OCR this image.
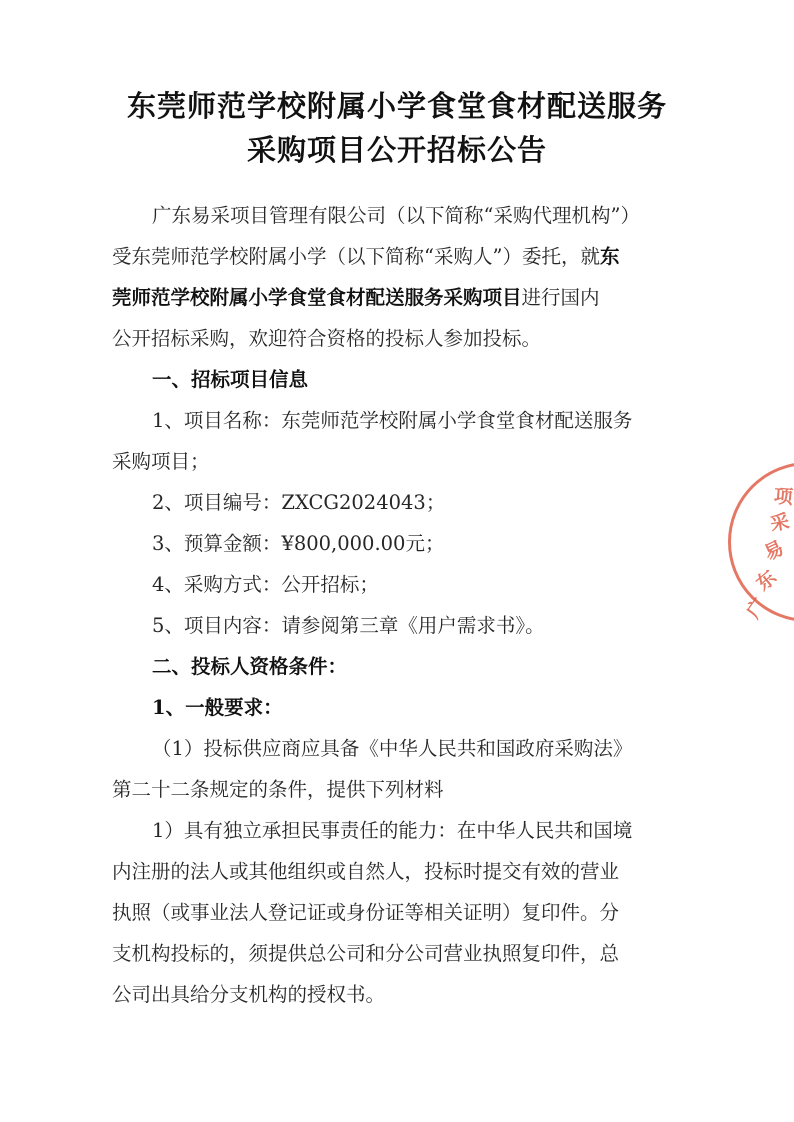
东莞师范学校附属小学食堂食材配送服务
采购项目公开招标公告
广东易采项目管理有限公司（以下简称“采购代理机构”）
受东莞师范学校附属小学（以下简称“采购人”）委托，就东
莞师范学校附属小学食堂食材配送服务采购项目进行国内
公开招标采购，欢迎符合资格的投标人参加投标。
一、招标项目信息
1、项目名称：东莞师范学校附属小学食堂食材配送服务
采购项目；
2、项目编号：ZXCG2024043；
3、预算金额：¥800,000.00元；
4、采购方式：公开招标；
5、项目内容：请参阅第三章《用户需求书》。
二、投标人资格条件：
1、一般要求：
（1）投标供应商应具备《中华人民共和国政府采购法》
第二十二条规定的条件，提供下列材料
1）具有独立承担民事责任的能力：在中华人民共和国境
内注册的法人或其他组织或自然人，投标时提交有效的营业
执照（或事业法人登记证或身份证等相关证明）复印件。分
支机构投标的，须提供总公司和分公司营业执照复印件，总
公司出具给分支机构的授权书。
广
东
易
采
项
